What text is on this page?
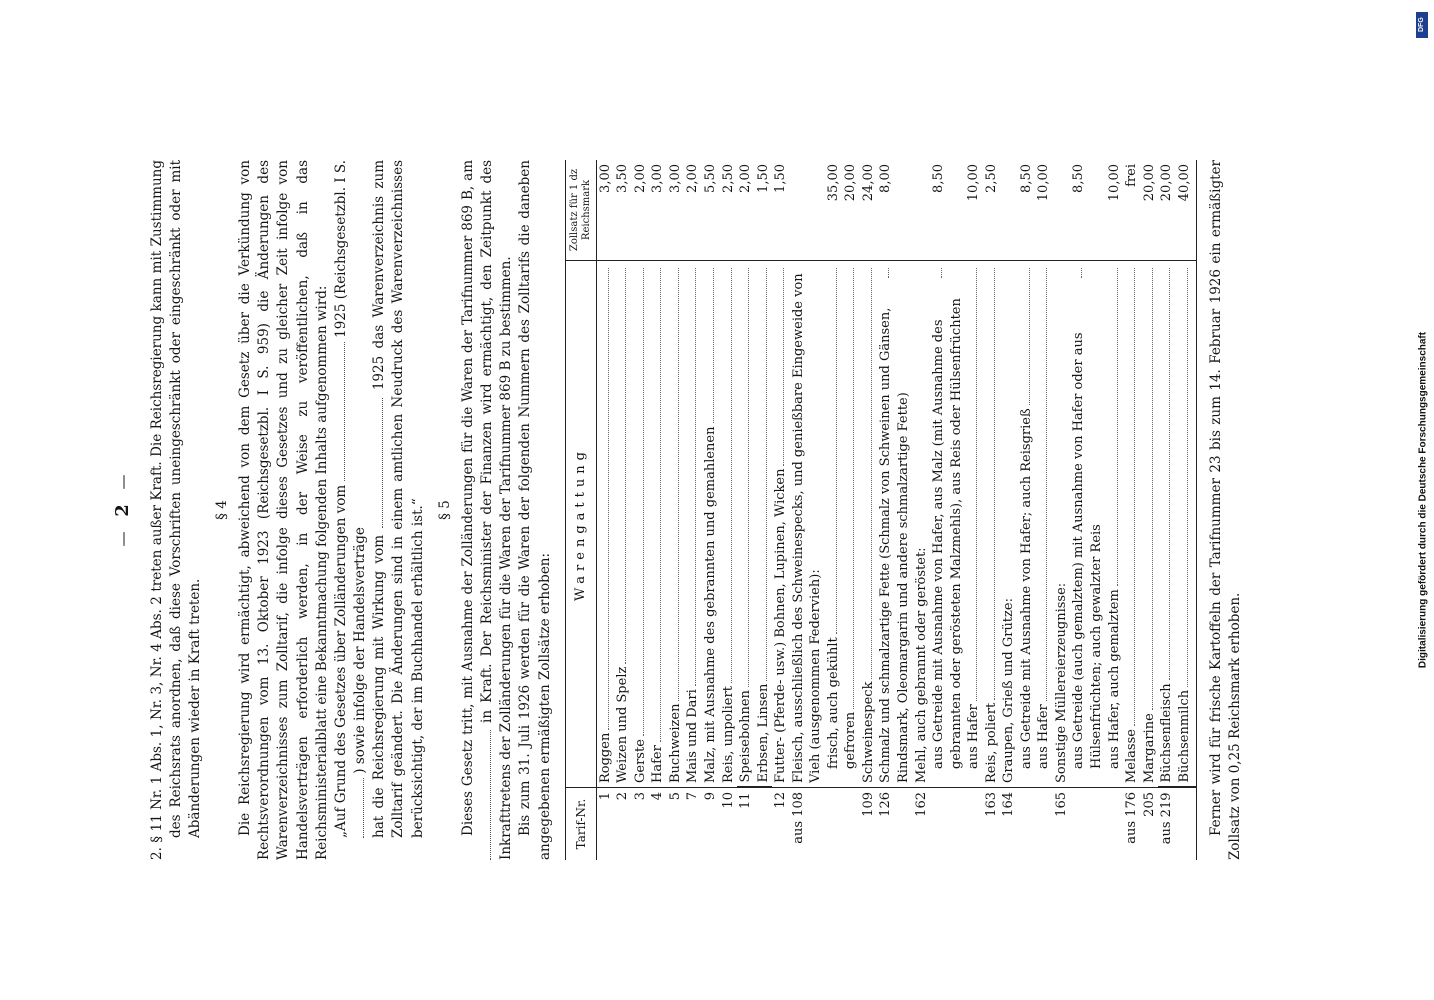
— 2 — 2. § 11 Nr. 1 Abs. 1, Nr. 3, Nr. 4 Abs. 2 treten außer Kraft. Die Reichsregierung kann mit Zustimmung des Reichsrats anordnen, daß diese Vorschriften uneingeschränkt oder eingeschränkt oder mit Abänderungen wieder in Kraft treten.

§ 4 Die Reichsregierung wird ermächtigt, abweichend von dem Gesetz über die Verkündung von Rechtsverordnungen vom 13. Oktober 1923 (Reichsgesetzbl. I S. 959) die Änderungen des Warenverzeichnisses zum Zolltarif, die infolge dieses Gesetzes und zu gleicher Zeit infolge von Handelsverträgen erforderlich werden, in der Weise zu veröffentlichen, daß in das Reichsministerialblatt eine Bekanntmachung folgenden Inhalts aufgenommen wird: „Auf Grund des Gesetzes über Zolländerungen vom
1925 (Reichsgesetzbl. I S.
) sowie infolge der Handelsverträge hat die Reichsregierung mit Wirkung vom  1925 das Warenverzeichnis zum Zolltarif geändert. Die Änderungen sind in einem amtlichen Neudruck des Warenverzeichnisses berücksichtigt, der im Buchhandel erhältlich ist.“ § 5 Dieses Gesetz tritt, mit Ausnahme der Zolländerungen für die Waren der Tarifnummer 869 B, am in Kraft. Der Reichsminister der Finanzen wird ermächtigt, den Zeitpunkt des Inkrafttretens der Zolländerungen für die Waren der Tarifnummer 869 B zu bestimmen. Bis zum 31. Juli 1926 werden für die Waren der folgenden Nummern des Zolltarifs die daneben angegebenen ermäßigten Zollsätze erhoben: Tarif-Nr.	Warengattung	Zollsatz für 1 dz Reichsmark
1	Roggen	3,00
2	Weizen und Spelz	3,50
3	Gerste	2,00
4	Hafer	3,00
5	Buchweizen	3,00
7	Mais und Dari	2,00
9	Malz, mit Ausnahme des gebrannten und gemahlenen	5,50
10	Reis, unpoliert	2,50
11	Speisebohnen	2,00

	Erbsen, Linsen	1,50
12	Futter- (Pferde- usw.) Bohnen, Lupinen, Wicken	1,50
aus 108	Fleisch, ausschließlich des Schweinespecks, und genießbare Eingeweide von Vieh (ausgenommen Federvieh):	

	frisch, auch gekühlt	35,00

	gefroren	20,00
109	Schweinespeck	24,00
126	Schmalz und schmalzartige Fette (Schmalz von Schweinen und Gänsen, Rindsmark, Oleomargarin und andere schmalzartige Fette)	8,00
162	Mehl, auch gebrannt oder geröstet:	

	aus Getreide mit Ausnahme von Hafer, aus Malz (mit Ausnahme des gebrannten oder gerösteten Malzmehls), aus Reis oder Hülsenfrüchten	8,50

	aus Hafer	10,00
163	Reis, poliert	2,50
164	Graupen, Grieß und Grütze:	

	aus Getreide mit Ausnahme von Hafer; auch Reisgrieß	8,50

	aus Hafer	10,00
165	Sonstige Müllereierzeugnisse:	

	aus Getreide (auch gemalztem) mit Ausnahme von Hafer oder aus Hülsenfrüchten; auch gewalzter Reis	8,50

	aus Hafer, auch gemalztem	10,00
aus 176	Melasse	frei
205	Margarine	20,00
aus 219	Büchsenfleisch	20,00

	Büchsenmilch	40,00 Ferner wird für frische Kartoffeln der Tarifnummer 23 bis zum 14. Februar 1926 ein ermäßigter Zollsatz von 0,25 Reichsmark erhoben.

DFG
Digitalisierung gefördert durch die Deutsche Forschungsgemeinschaft
